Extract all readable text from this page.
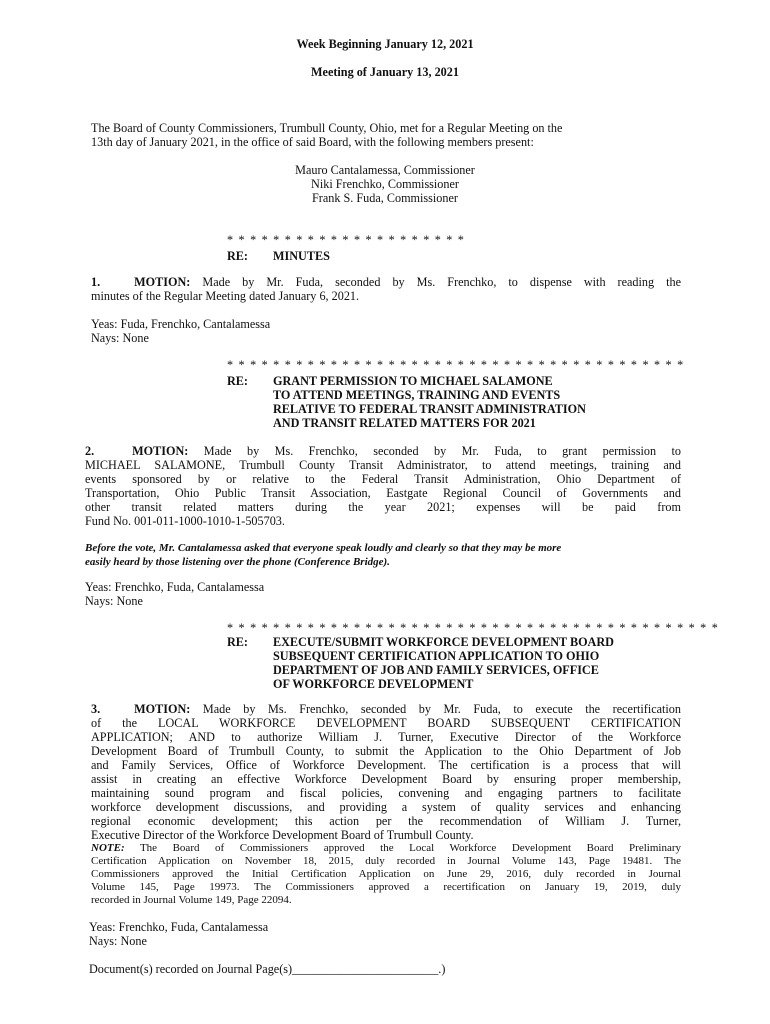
Week Beginning January 12, 2021
Meeting of January 13, 2021
The Board of County Commissioners, Trumbull County, Ohio, met for a Regular Meeting on the
13th day of January 2021, in the office of said Board, with the following members present:
Mauro Cantalamessa, Commissioner
Niki Frenchko, Commissioner
Frank S. Fuda, Commissioner
* * * * * * * * * * * * * * * * * * * * *
RE: MINUTES
1.	MOTION: Made by Mr. Fuda, seconded by Ms. Frenchko, to dispense with reading the
minutes of the Regular Meeting dated January 6, 2021.
Yeas: Fuda, Frenchko, Cantalamessa
Nays: None
* * * * * * * * * * * * * * * * * * * * * * * * * * * * * * * * * * * * * * * *
RE: GRANT PERMISSION TO MICHAEL SALAMONE
TO ATTEND MEETINGS, TRAINING AND EVENTS
RELATIVE TO FEDERAL TRANSIT ADMINISTRATION
AND TRANSIT RELATED MATTERS FOR 2021
2.	MOTION: Made by Ms. Frenchko, seconded by Mr. Fuda, to grant permission to
MICHAEL SALAMONE, Trumbull County Transit Administrator, to attend meetings, training and
events sponsored by or relative to the Federal Transit Administration, Ohio Department of
Transportation, Ohio Public Transit Association, Eastgate Regional Council of Governments and
other transit related matters during the year 2021; expenses will be paid from
Fund No. 001-011-1000-1010-1-505703.
Before the vote, Mr. Cantalamessa asked that everyone speak loudly and clearly so that they may be more
easily heard by those listening over the phone (Conference Bridge).
Yeas: Frenchko, Fuda, Cantalamessa
Nays: None
* * * * * * * * * * * * * * * * * * * * * * * * * * * * * * * * * * * * * * * * * * *
RE: EXECUTE/SUBMIT WORKFORCE DEVELOPMENT BOARD
SUBSEQUENT CERTIFICATION APPLICATION TO OHIO
DEPARTMENT OF JOB AND FAMILY SERVICES, OFFICE
OF WORKFORCE DEVELOPMENT
3.	MOTION: Made by Ms. Frenchko, seconded by Mr. Fuda, to execute the recertification
of the LOCAL WORKFORCE DEVELOPMENT BOARD SUBSEQUENT CERTIFICATION
APPLICATION; AND to authorize William J. Turner, Executive Director of the Workforce
Development Board of Trumbull County, to submit the Application to the Ohio Department of Job
and Family Services, Office of Workforce Development. The certification is a process that will
assist in creating an effective Workforce Development Board by ensuring proper membership,
maintaining sound program and fiscal policies, convening and engaging partners to facilitate
workforce development discussions, and providing a system of quality services and enhancing
regional economic development; this action per the recommendation of William J. Turner,
Executive Director of the Workforce Development Board of Trumbull County.
NOTE: The Board of Commissioners approved the Local Workforce Development Board Preliminary
Certification Application on November 18, 2015, duly recorded in Journal Volume 143, Page 19481. The
Commissioners approved the Initial Certification Application on June 29, 2016, duly recorded in Journal
Volume 145, Page 19973. The Commissioners approved a recertification on January 19, 2019, duly
recorded in Journal Volume 149, Page 22094.
Yeas: Frenchko, Fuda, Cantalamessa
Nays: None
Document(s) recorded on Journal Page(s)________________________.)
